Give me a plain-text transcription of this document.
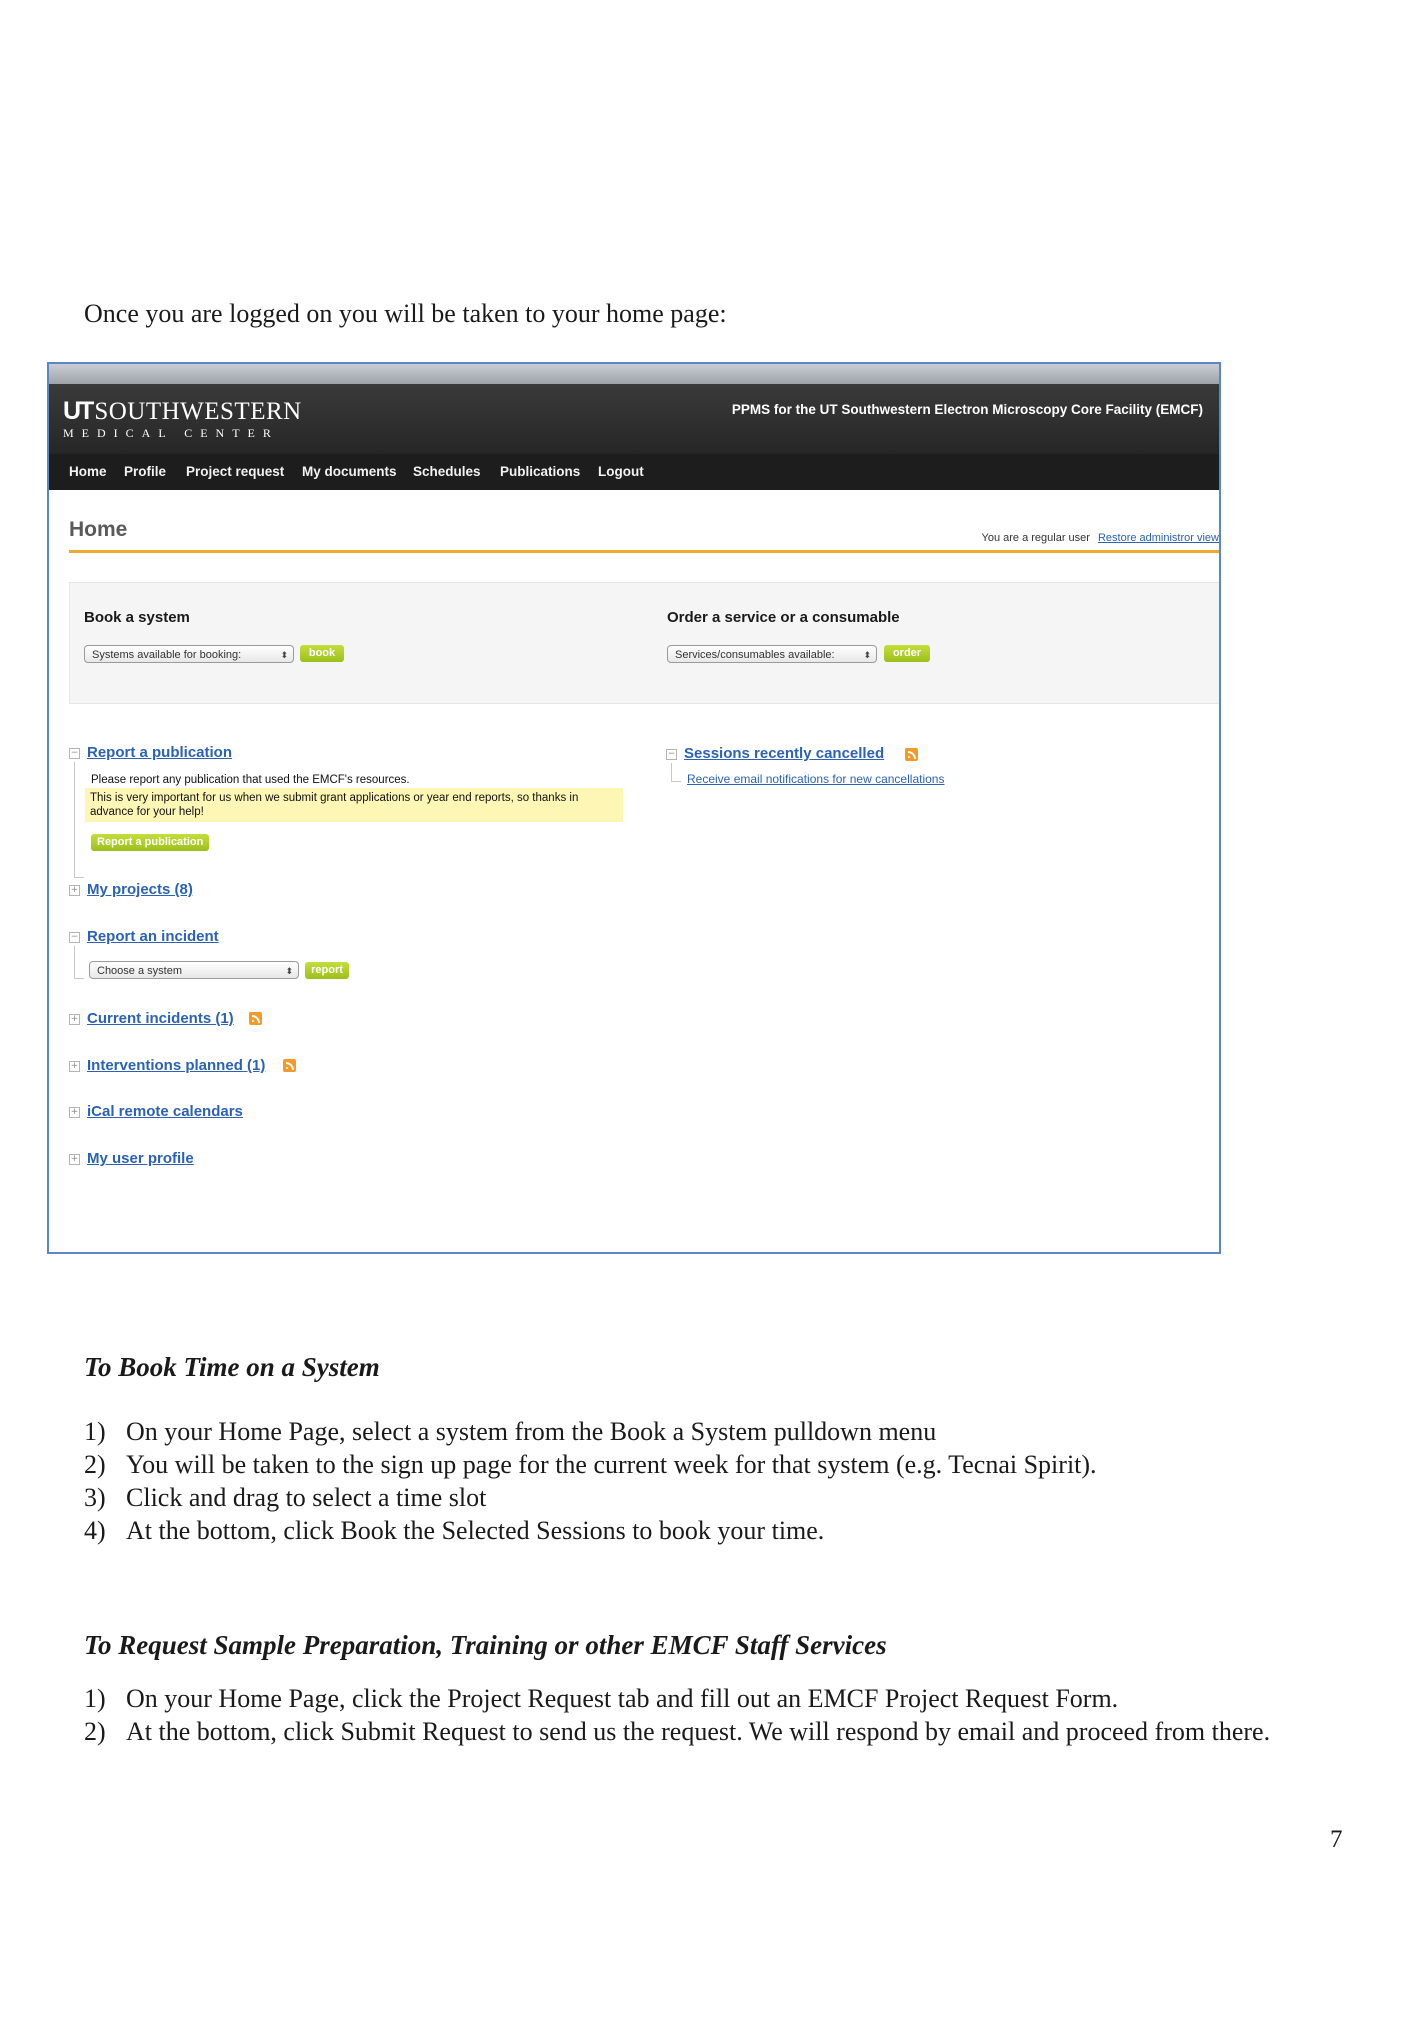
Once you are logged on you will be taken to your home page:
UTSOUTHWESTERN
MEDICAL CENTER
PPMS for the UT Southwestern Electron Microscopy Core Facility (EMCF)
Home Profile Project request My documents Schedules Publications Logout
Home	You are a regular user Restore administror view
Book a system
Systems available for booking:	⬍	book
Order a service or a consumable
Services/consumables available:	⬍	order
− Report a publication
Please report any publication that used the EMCF's resources.
This is very important for us when we submit grant applications or year end reports, so thanks in advance for your help!
Report a publication
+ My projects (8)
− Report an incident
Choose a system	⬍	report
+ Current incidents (1)
+ Interventions planned (1)
+ iCal remote calendars
+ My user profile
− Sessions recently cancelled
Receive email notifications for new cancellations
To Book Time on a System
1) On your Home Page, select a system from the Book a System pulldown menu
2) You will be taken to the sign up page for the current week for that system (e.g. Tecnai Spirit).
3) Click and drag to select a time slot
4) At the bottom, click Book the Selected Sessions to book your time.
To Request Sample Preparation, Training or other EMCF Staff Services
1) On your Home Page, click the Project Request tab and fill out an EMCF Project Request Form.
2) At the bottom, click Submit Request to send us the request. We will respond by email and proceed from there.
7
